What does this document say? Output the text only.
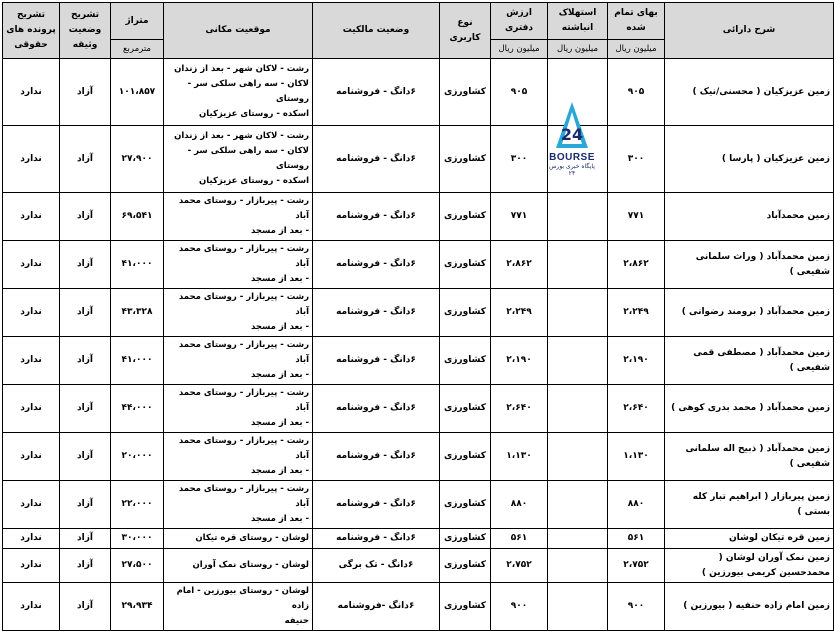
شرح دارائی	بهای تمام شده	استهلاک انباشته	ارزش دفتری	نوع کاربری	وضعیت مالکیت	موقعیت مکانی	متراژ	تشریح وضعیت وثیقه	تشریح پرونده های حقوقی
	میلیون ریال	میلیون ریال	میلیون ریال				مترمربع		
زمین عزیزکیان ( محسنی/نیک )	۹۰۵		۹۰۵	کشاورزی	۶دانگ - فروشنامه	رشت - لاکان شهر - بعد از زندان
لاکان - سه راهی سلکی سر - روستای
اسکده - روستای عزیزکیان	۱۰۱،۸۵۷	آزاد	ندارد
زمین عزیزکیان ( پارسا )	۳۰۰		۳۰۰	کشاورزی	۶دانگ - فروشنامه	رشت - لاکان شهر - بعد از زندان
لاکان - سه راهی سلکی سر - روستای
اسکده - روستای عزیزکیان	۲۷،۹۰۰	آزاد	ندارد
زمین محمدآباد	۷۷۱		۷۷۱	کشاورزی	۶دانگ - فروشنامه	رشت - پیربازار - روستای محمد آباد
- بعد از مسجد	۶۹،۵۴۱	آزاد	ندارد
زمین محمدآباد ( وراث سلمانی شفیعی )	۲،۸۶۲		۲،۸۶۲	کشاورزی	۶دانگ - فروشنامه	رشت - پیربازار - روستای محمد آباد
- بعد از مسجد	۴۱،۰۰۰	آزاد	ندارد
زمین محمدآباد ( برومند رضوانی )	۲،۲۴۹		۲،۲۴۹	کشاورزی	۶دانگ - فروشنامه	رشت - پیربازار - روستای محمد آباد
- بعد از مسجد	۴۳،۳۲۸	آزاد	ندارد
زمین محمدآباد ( مصطفی قمی شفیعی )	۲،۱۹۰		۲،۱۹۰	کشاورزی	۶دانگ - فروشنامه	رشت - پیربازار - روستای محمد آباد
- بعد از مسجد	۴۱،۰۰۰	آزاد	ندارد
زمین محمدآباد ( محمد بدری کوهی )	۲،۶۴۰		۲،۶۴۰	کشاورزی	۶دانگ - فروشنامه	رشت - پیربازار - روستای محمد آباد
- بعد از مسجد	۴۴،۰۰۰	آزاد	ندارد
زمین محمدآباد ( ذبیح اله سلمانی شفیعی )	۱،۱۳۰		۱،۱۳۰	کشاورزی	۶دانگ - فروشنامه	رشت - پیربازار - روستای محمد آباد
- بعد از مسجد	۲۰،۰۰۰	آزاد	ندارد
زمین پیربازار ( ابراهیم تبار کله بستی )	۸۸۰		۸۸۰	کشاورزی	۶دانگ - فروشنامه	رشت - پیربازار - روستای محمد آباد
- بعد از مسجد	۲۲،۰۰۰	آزاد	ندارد
زمین قره تیکان لوشان	۵۶۱		۵۶۱	کشاورزی	۶دانگ - فروشنامه	لوشان - روستای قره تیکان	۳۰،۰۰۰	آزاد	ندارد
زمین نمک آوران لوشان ( محمدحسین کریمی بیورزین )	۲،۷۵۲		۲،۷۵۲	کشاورزی	۶دانگ - تک برگی	لوشان - روستای نمک آوران	۲۷،۵۰۰	آزاد	ندارد
زمین امام زاده حنفیه ( بیورزین )	۹۰۰		۹۰۰	کشاورزی	۶دانگ -فروشنامه	لوشان - روستای بیورزین - امام زاده
حنیفه	۲۹،۹۳۴	آزاد	ندارد
24
BOURSE
پایگاه خبری بورس ۲۴
